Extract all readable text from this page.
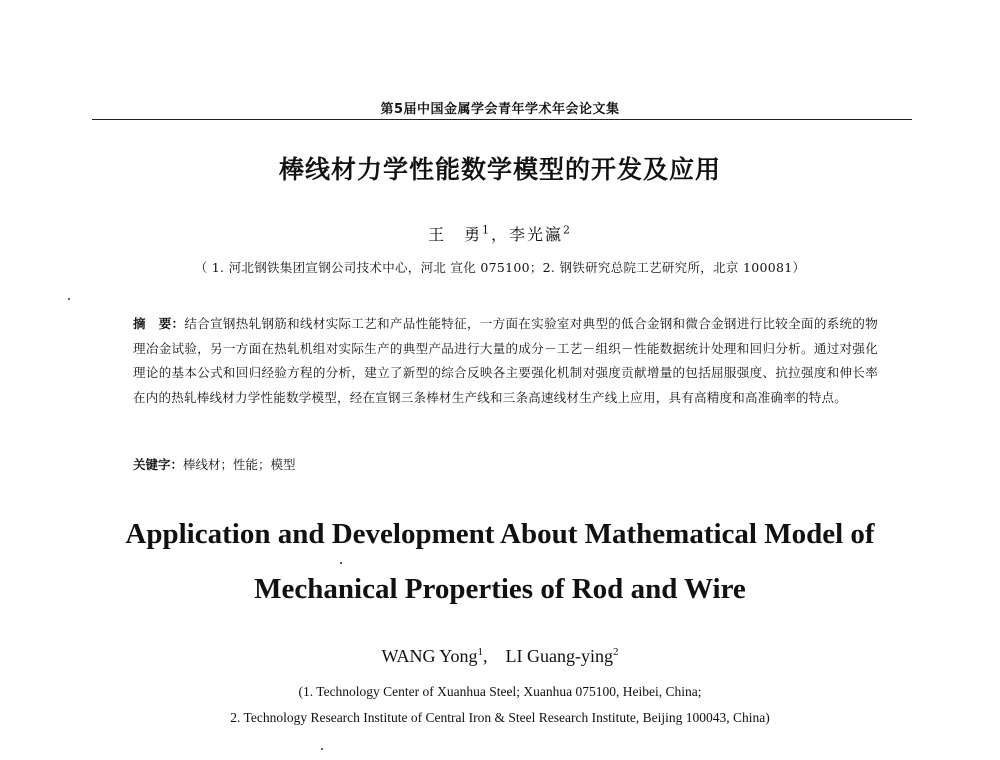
第5届中国金属学会青年学术年会论文集
棒线材力学性能数学模型的开发及应用
王　勇$^1$，李光瀛$^2$
（ 1. 河北钢铁集团宣钢公司技术中心，河北 宣化 075100；2. 钢铁研究总院工艺研究所，北京 100081）
摘　要：结合宣钢热轧钢筋和线材实际工艺和产品性能特征，一方面在实验室对典型的低合金钢和微合金钢进行比较全面的系统的物理冶金试验，另一方面在热轧机组对实际生产的典型产品进行大量的成分－工艺－组织－性能数据统计处理和回归分析。通过对强化理论的基本公式和回归经验方程的分析，建立了新型的综合反映各主要强化机制对强度贡献增量的包括屈服强度、抗拉强度和伸长率在内的热轧棒线材力学性能数学模型，经在宣钢三条棒材生产线和三条高速线材生产线上应用，具有高精度和高准确率的特点。
关键字：棒线材；性能；模型
Application and Development About Mathematical Model of
Mechanical Properties of Rod and Wire
WANG Yong$^1$,    LI Guang-ying$^2$
(1. Technology Center of Xuanhua Steel; Xuanhua 075100, Heibei, China;
2. Technology Research Institute of Central Iron & Steel Research Institute, Beijing 100043, China)
